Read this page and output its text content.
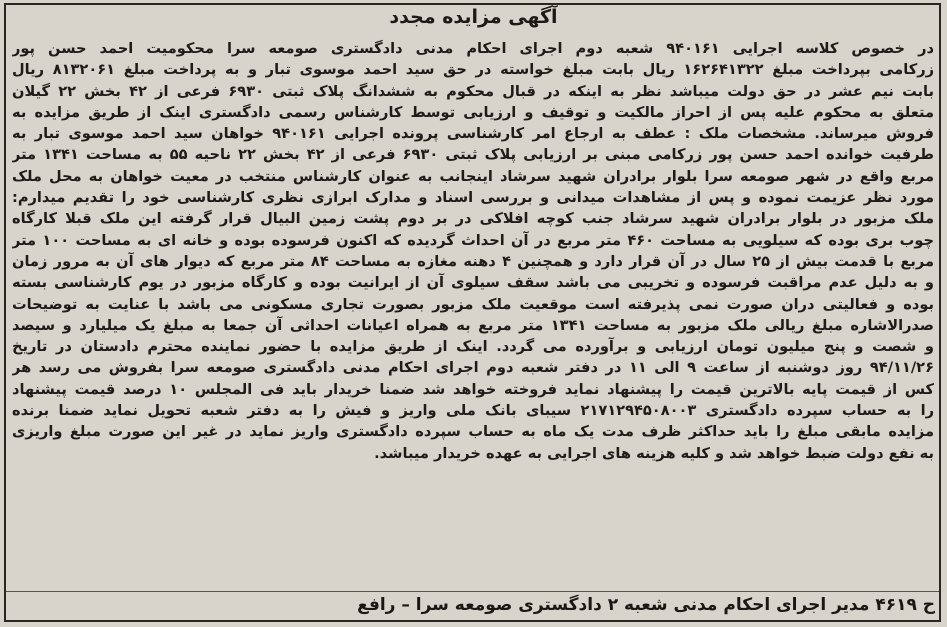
آگهی مزایده مجدد
در خصوص کلاسه اجرایی ۹۴۰۱۶۱ شعبه دوم اجرای احکام مدنی دادگستری صومعه سرا محکومیت احمد حسن پور
زرکامی بپرداخت مبلغ ۱۶۲۶۴۱۳۲۲ ریال بابت مبلغ خواسته در حق سید احمد موسوی تبار و به پرداخت مبلغ ۸۱۳۲۰۶۱ ریال
بابت نیم عشر در حق دولت میباشد نظر به اینکه در قبال محکوم به ششدانگ پلاک ثبتی ۶۹۳۰ فرعی از ۴۲ بخش ۲۲ گیلان
متعلق به محکوم علیه پس از احراز مالکیت و توقیف و ارزیابی توسط کارشناس رسمی دادگستری اینک از طریق مزایده به
فروش میرساند. مشخصات ملک : عطف به ارجاع امر کارشناسی پرونده اجرایی ۹۴۰۱۶۱ خواهان سید احمد موسوی تبار به
طرفیت خوانده احمد حسن پور زرکامی مبنی بر ارزیابی پلاک ثبتی ۶۹۳۰ فرعی از ۴۲ بخش ۲۲ ناحیه ۵۵ به مساحت ۱۳۴۱ متر
مربع واقع در شهر صومعه سرا بلوار برادران شهید سرشاد اینجانب به عنوان کارشناس منتخب در معیت خواهان به محل ملک
مورد نظر عزیمت نموده و پس از مشاهدات میدانی و بررسی اسناد و مدارک ابرازی نظری کارشناسی خود را تقدیم میدارم:
ملک مزبور در بلوار برادران شهید سرشاد جنب کوچه افلاکی در بر دوم پشت زمین البیال قرار گرفته این ملک قبلا کارگاه
چوب بری بوده که سیلویی به مساحت ۴۶۰ متر مربع در آن احداث گردیده که اکنون فرسوده بوده و خانه ای به مساحت ۱۰۰ متر
مربع با قدمت بیش از ۲۵ سال در آن قرار دارد و همچنین ۴ دهنه مغازه به مساحت ۸۴ متر مربع که دیوار های آن به مرور زمان
و به دلیل عدم مراقبت فرسوده و تخریبی می باشد سقف سیلوی آن از ایرانیت بوده و کارگاه مزبور در یوم کارشناسی بسته
بوده و فعالیتی دران صورت نمی پذیرفته است موقعیت ملک مزبور بصورت تجاری مسکونی می باشد با عنایت به توضیحات
صدرالاشاره مبلغ ریالی ملک مزبور به مساحت ۱۳۴۱ متر مربع به همراه اعیانات احداثی آن جمعا به مبلغ یک میلیارد و سیصد
و شصت و پنج میلیون تومان ارزیابی و برآورده می گردد. اینک از طریق مزایده با حضور نماینده محترم دادستان در تاریخ
۹۴/۱۱/۲۶ روز دوشنبه از ساعت ۹ الی ۱۱ در دفتر شعبه دوم اجرای احکام مدنی دادگستری صومعه سرا بفروش می رسد هر
کس از قیمت پایه بالاترین قیمت را پیشنهاد نماید فروخته خواهد شد ضمنا خریدار باید فی المجلس ۱۰ درصد قیمت پیشنهاد
را به حساب سپرده دادگستری ۲۱۷۱۲۹۴۵۰۸۰۰۳ سیبای بانک ملی واریز و فیش را به دفتر شعبه تحویل نماید ضمنا برنده
مزایده مابقی مبلغ را باید حداکثر ظرف مدت یک ماه به حساب سپرده دادگستری واریز نماید در غیر این صورت مبلغ واریزی
به نفع دولت ضبط خواهد شد و کلیه هزینه های اجرایی به عهده خریدار میباشد.
ح ۴۶۱۹ مدیر اجرای احکام مدنی شعبه ۲ دادگستری صومعه سرا – رافع
